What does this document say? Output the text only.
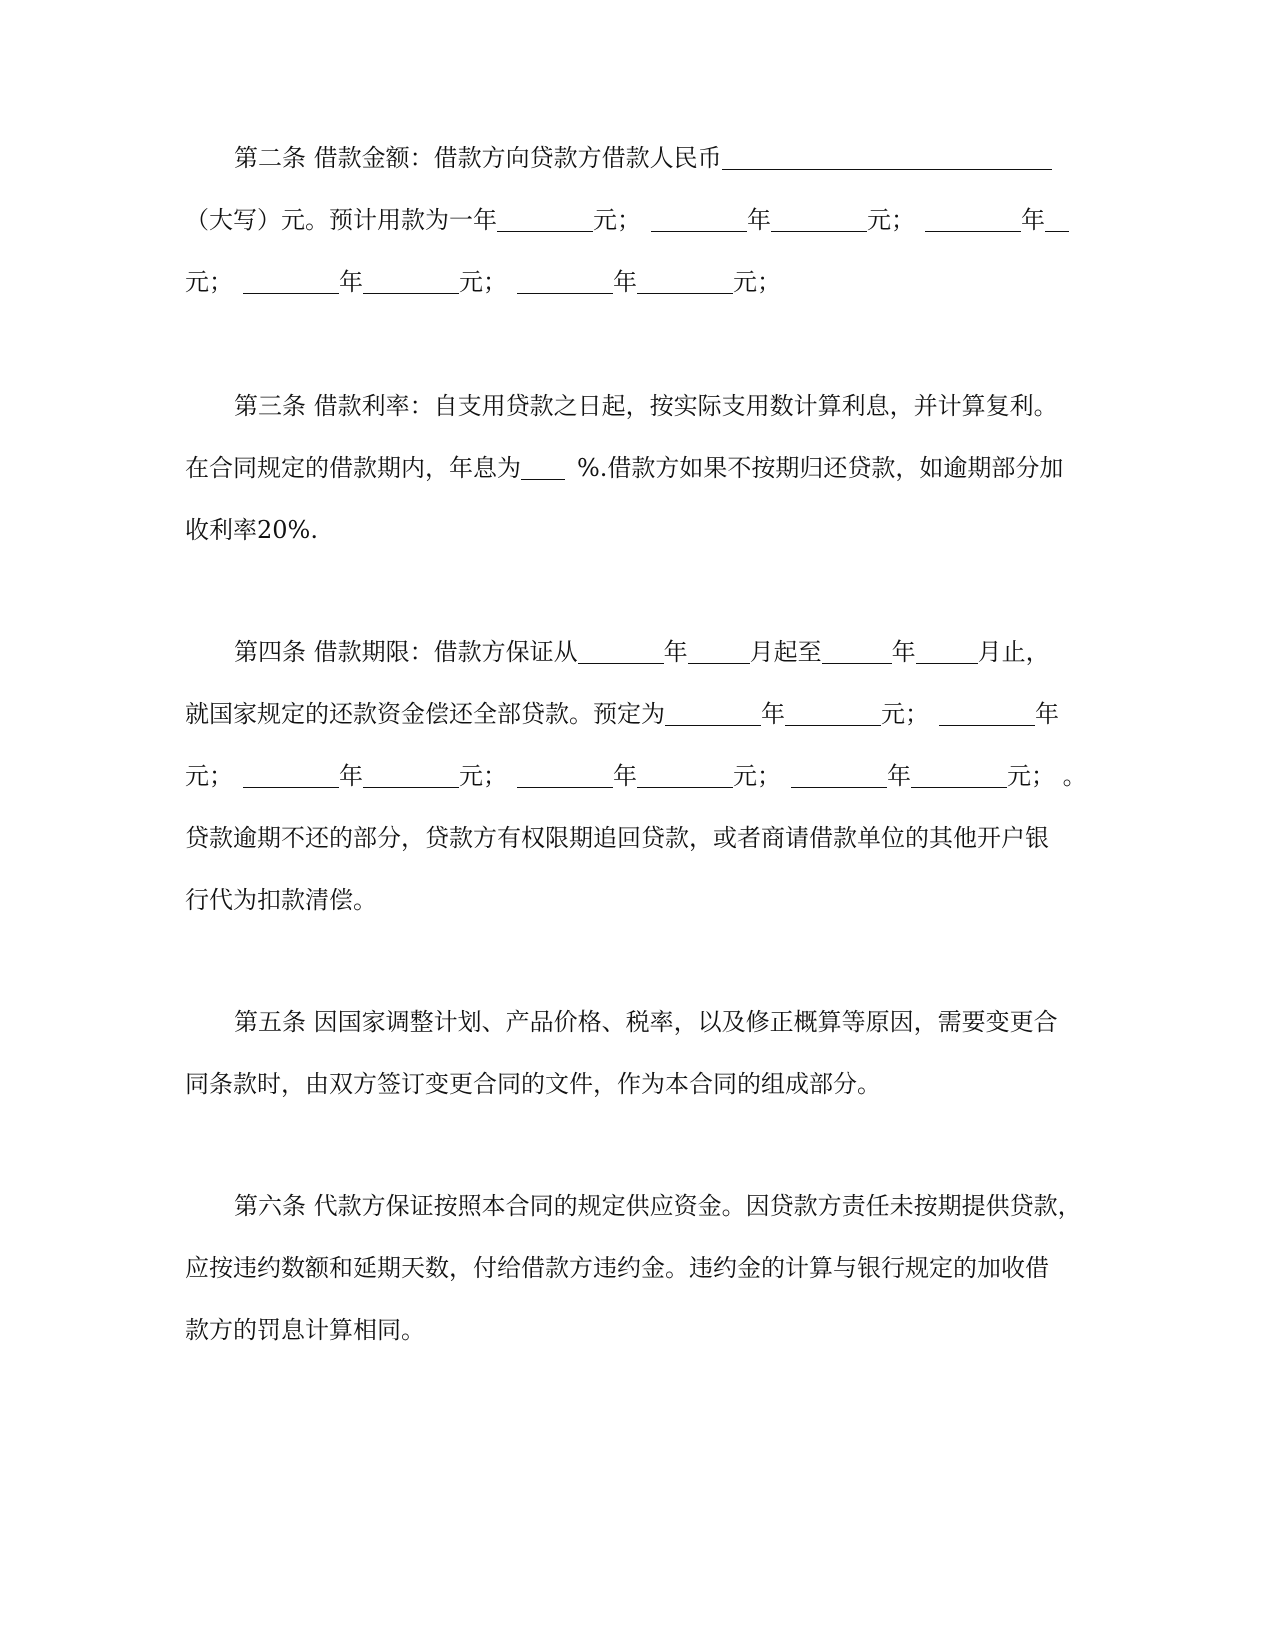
第二条 借款金额：借款方向贷款方借款人民币
（大写）元。预计用款为一年	元；	年	元；	年
元；	年	元；	年	元；
第三条 借款利率：自支用贷款之日起，按实际支用数计算利息，并计算复利。
在合同规定的借款期内，年息为 %.借款方如果不按期归还贷款，如逾期部分加
收利率20%.
第四条 借款期限：借款方保证从	年	月起至	年	月止，
就国家规定的还款资金偿还全部贷款。预定为	年	元；	年
元；	年	元；	年	元；	年	元； 。
贷款逾期不还的部分，贷款方有权限期追回贷款，或者商请借款单位的其他开户银
行代为扣款清偿。
第五条 因国家调整计划、产品价格、税率，以及修正概算等原因，需要变更合
同条款时，由双方签订变更合同的文件，作为本合同的组成部分。
第六条 代款方保证按照本合同的规定供应资金。因贷款方责任未按期提供贷款，
应按违约数额和延期天数，付给借款方违约金。违约金的计算与银行规定的加收借
款方的罚息计算相同。
